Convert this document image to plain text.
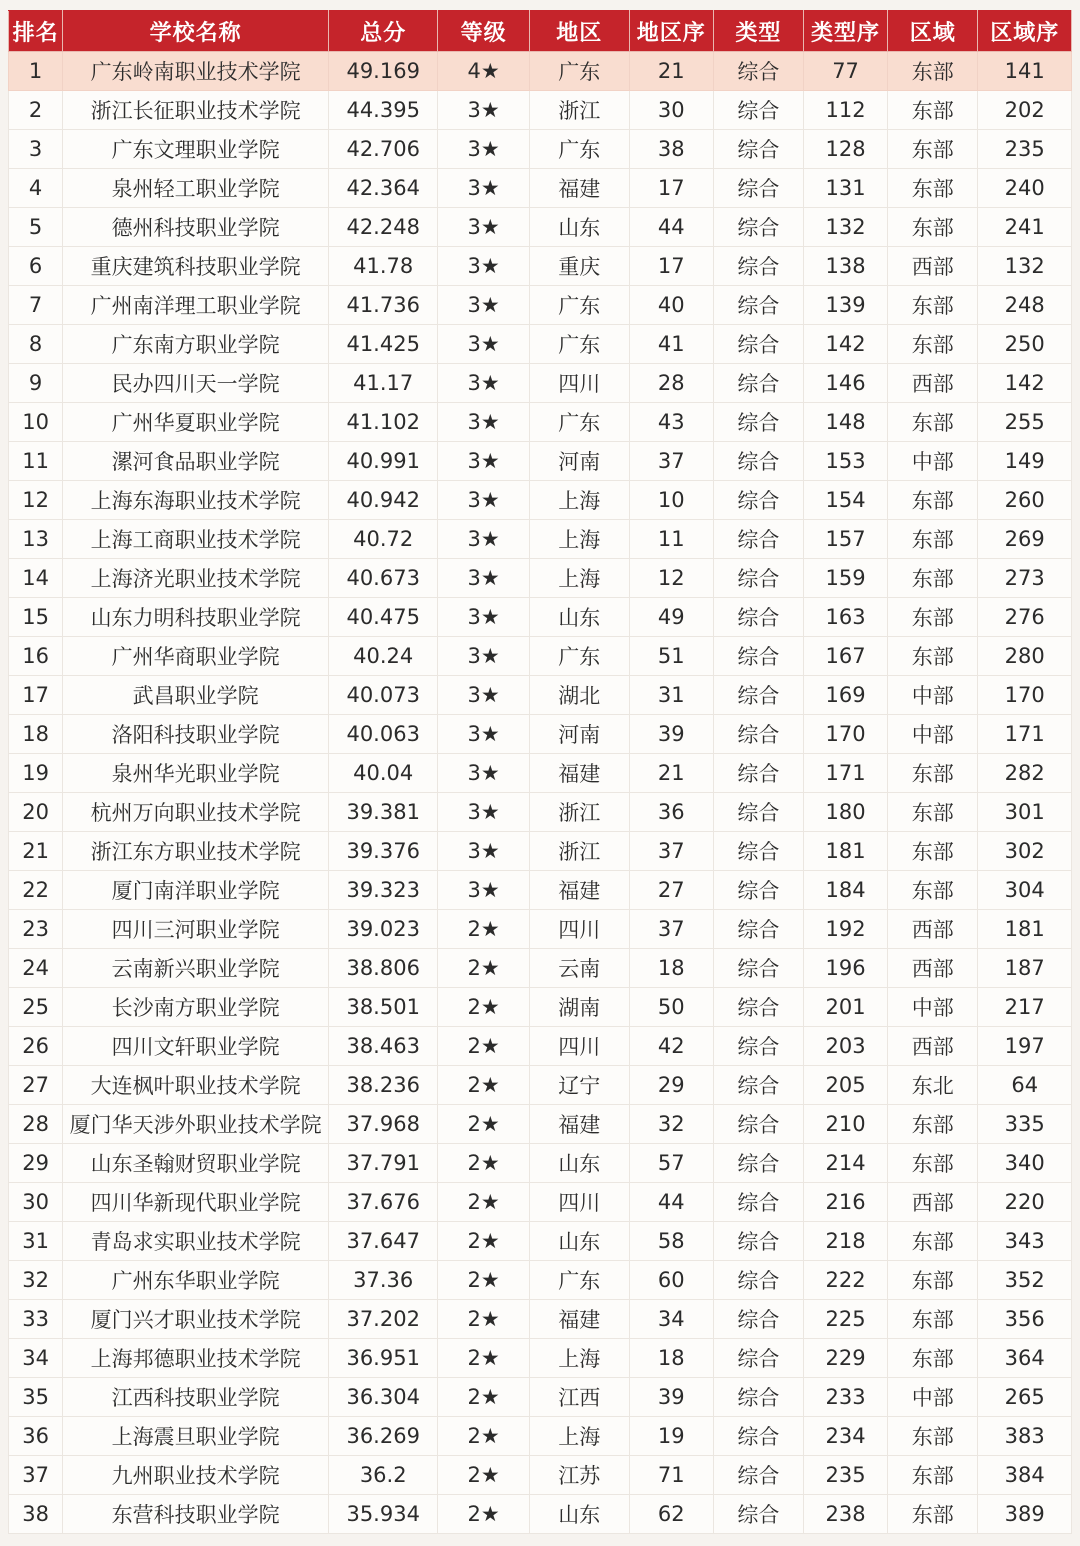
排名	学校名称	总分	等级	地区	地区序	类型	类型序	区域	区域序
1	广东岭南职业技术学院	49.169	4★	广东	21	综合	77	东部	141
2	浙江长征职业技术学院	44.395	3★	浙江	30	综合	112	东部	202
3	广东文理职业学院	42.706	3★	广东	38	综合	128	东部	235
4	泉州轻工职业学院	42.364	3★	福建	17	综合	131	东部	240
5	德州科技职业学院	42.248	3★	山东	44	综合	132	东部	241
6	重庆建筑科技职业学院	41.78	3★	重庆	17	综合	138	西部	132
7	广州南洋理工职业学院	41.736	3★	广东	40	综合	139	东部	248
8	广东南方职业学院	41.425	3★	广东	41	综合	142	东部	250
9	民办四川天一学院	41.17	3★	四川	28	综合	146	西部	142
10	广州华夏职业学院	41.102	3★	广东	43	综合	148	东部	255
11	漯河食品职业学院	40.991	3★	河南	37	综合	153	中部	149
12	上海东海职业技术学院	40.942	3★	上海	10	综合	154	东部	260
13	上海工商职业技术学院	40.72	3★	上海	11	综合	157	东部	269
14	上海济光职业技术学院	40.673	3★	上海	12	综合	159	东部	273
15	山东力明科技职业学院	40.475	3★	山东	49	综合	163	东部	276
16	广州华商职业学院	40.24	3★	广东	51	综合	167	东部	280
17	武昌职业学院	40.073	3★	湖北	31	综合	169	中部	170
18	洛阳科技职业学院	40.063	3★	河南	39	综合	170	中部	171
19	泉州华光职业学院	40.04	3★	福建	21	综合	171	东部	282
20	杭州万向职业技术学院	39.381	3★	浙江	36	综合	180	东部	301
21	浙江东方职业技术学院	39.376	3★	浙江	37	综合	181	东部	302
22	厦门南洋职业学院	39.323	3★	福建	27	综合	184	东部	304
23	四川三河职业学院	39.023	2★	四川	37	综合	192	西部	181
24	云南新兴职业学院	38.806	2★	云南	18	综合	196	西部	187
25	长沙南方职业学院	38.501	2★	湖南	50	综合	201	中部	217
26	四川文轩职业学院	38.463	2★	四川	42	综合	203	西部	197
27	大连枫叶职业技术学院	38.236	2★	辽宁	29	综合	205	东北	64
28	厦门华天涉外职业技术学院	37.968	2★	福建	32	综合	210	东部	335
29	山东圣翰财贸职业学院	37.791	2★	山东	57	综合	214	东部	340
30	四川华新现代职业学院	37.676	2★	四川	44	综合	216	西部	220
31	青岛求实职业技术学院	37.647	2★	山东	58	综合	218	东部	343
32	广州东华职业学院	37.36	2★	广东	60	综合	222	东部	352
33	厦门兴才职业技术学院	37.202	2★	福建	34	综合	225	东部	356
34	上海邦德职业技术学院	36.951	2★	上海	18	综合	229	东部	364
35	江西科技职业学院	36.304	2★	江西	39	综合	233	中部	265
36	上海震旦职业学院	36.269	2★	上海	19	综合	234	东部	383
37	九州职业技术学院	36.2	2★	江苏	71	综合	235	东部	384
38	东营科技职业学院	35.934	2★	山东	62	综合	238	东部	389
